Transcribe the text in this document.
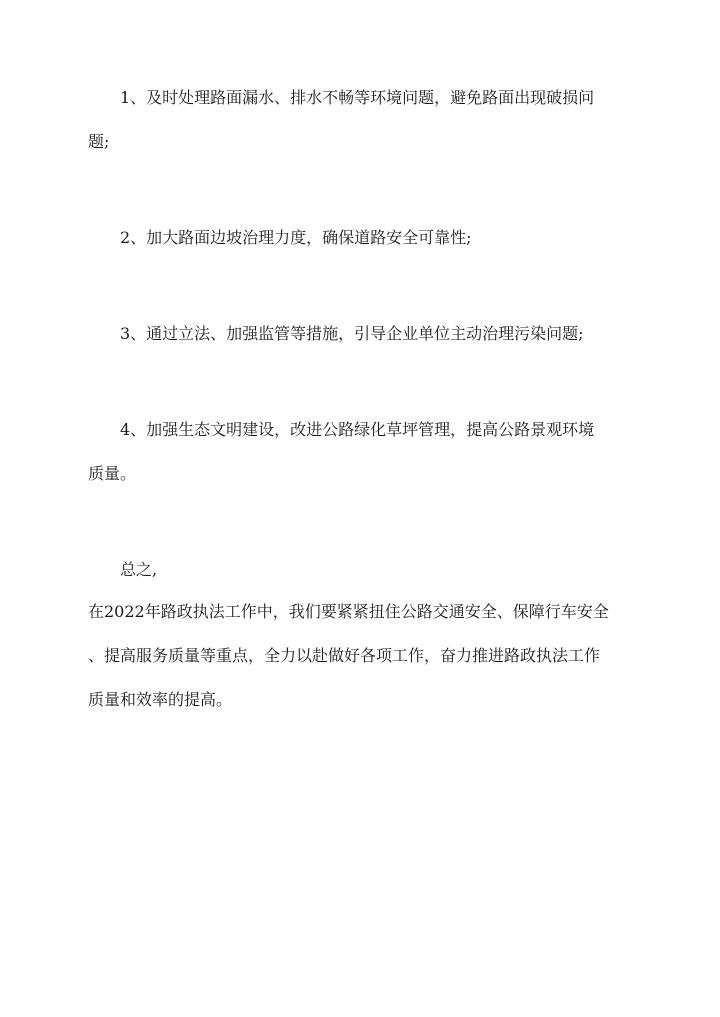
1、及时处理路面漏水、排水不畅等环境问题，避免路面出现破损问
题;
2、加大路面边坡治理力度，确保道路安全可靠性;
3、通过立法、加强监管等措施，引导企业单位主动治理污染问题;
4、加强生态文明建设，改进公路绿化草坪管理，提高公路景观环境
质量。
总之,
在2022年路政执法工作中，我们要紧紧扭住公路交通安全、保障行车安全
、提高服务质量等重点，全力以赴做好各项工作，奋力推进路政执法工作
质量和效率的提高。
